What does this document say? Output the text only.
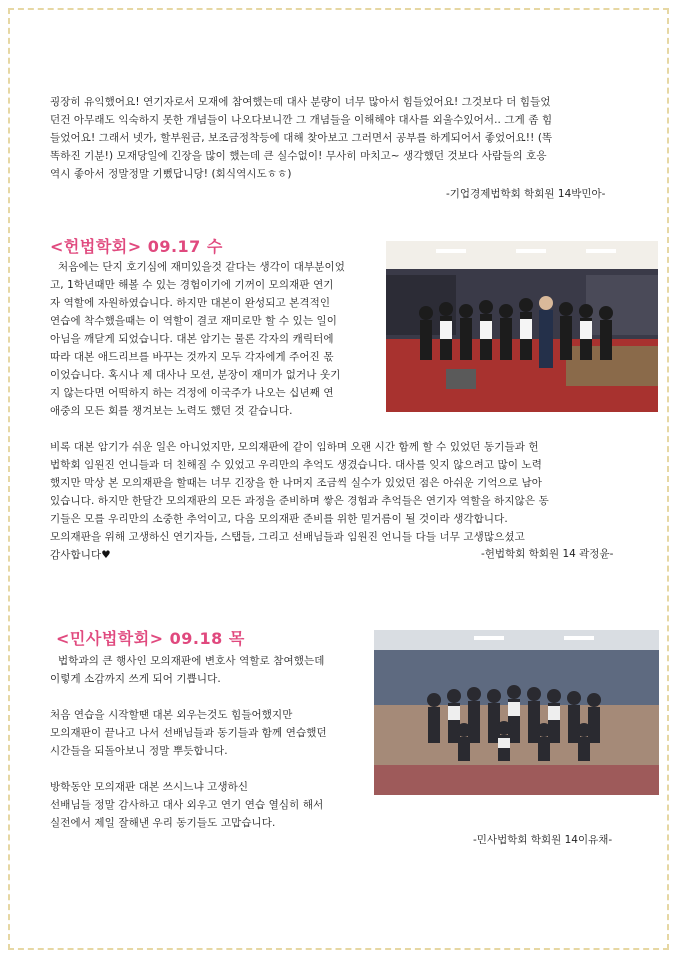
굉장히 유익했어요! 연기자로서 모재에 참여했는데 대사 분량이 너무 많아서 힘들었어요! 그것보다 더 힘들었

던건 아무래도 익숙하지 못한 개념들이 나오다보니깐 그 개념들을 이해해야 대사를 외울수있어서.. 그게 좀 힘

들었어요! 그래서 넷가, 할부원금, 보조금정착등에 대해 찾아보고 그러면서 공부를 하게되어서 좋었어요!! (똑

똑하진 기분!) 모재당일에 긴장을 많이 했는데 큰 실수없이! 무사히 마치고~ 생각했던 것보다 사람들의 호응

역시 좋아서 정말정말 기뻤답니당! (회식역시도ㅎㅎ)

-기업경제법학회 학회원 14박민아-
<헌법학회> 09.17 수

처음에는 단지 호기심에 재미있을것 같다는 생각이 대부분이었

고, 1학년때만 해볼 수 있는 경험이기에 기꺼이 모의재판 연기

자 역할에 자원하였습니다. 하지만 대본이 완성되고 본격적인

연습에 착수했을때는 이 역할이 결코 재미로만 할 수 있는 일이

아님을 깨닫게 되었습니다. 대본 암기는 물론 각자의 캐릭터에

따라 대본 애드리브를 바꾸는 것까지 모두 각자에게 주어진 몫

이었습니다. 혹시나 제 대사나 모션, 분장이 재미가 없거나 웃기

지 않는다면 어떡하지 하는 걱정에 이국주가 나오는 십년째 연

애중의 모든 회를 챙겨보는 노력도 했던 것 같습니다.

비록 대본 암기가 쉬운 일은 아니었지만, 모의재판에 같이 임하며 오랜 시간 함께 할 수 있었던 동기들과 헌

법학회 임원진 언니들과 더 친해질 수 있었고 우리만의 추억도 생겼습니다. 대사를 잊지 않으려고 많이 노력

했지만 막상 본 모의재판을 할때는 너무 긴장을 한 나머지 조금씩 실수가 있었던 점은 아쉬운 기억으로 남아

있습니다. 하지만 한달간 모의재판의 모든 과정을 준비하며 쌓은 경험과 추억들은 연기자 역할을 하지않은 동

기들은 모를 우리만의 소중한 추억이고, 다음 모의재판 준비를 위한 밑거름이 될 것이라 생각합니다.

모의재판을 위해 고생하신 연기자들, 스탭들, 그리고 선배님들과 임원진 언니들 다들 너무 고생많으셨고

감사합니다♥	-헌법학회 학회원 14 곽정윤-
<민사법학회> 09.18 목

법학과의 큰 행사인 모의재판에 변호사 역할로 참여했는데

이렇게 소감까지 쓰게 되어 기쁩니다.

처음 연습을 시작할땐 대본 외우는것도 힘들어했지만

모의재판이 끝나고 나서 선배님들과 동기들과 함께 연습했던

시간들을 되돌아보니 정말 뿌듯합니다.

방학동안 모의재판 대본 쓰시느냐 고생하신

선배님들 정말 감사하고 대사 외우고 연기 연습 열심히 해서

실전에서 제일 잘해낸 우리 동기들도 고맙습니다.

-민사법학회 학회원 14이유채-
